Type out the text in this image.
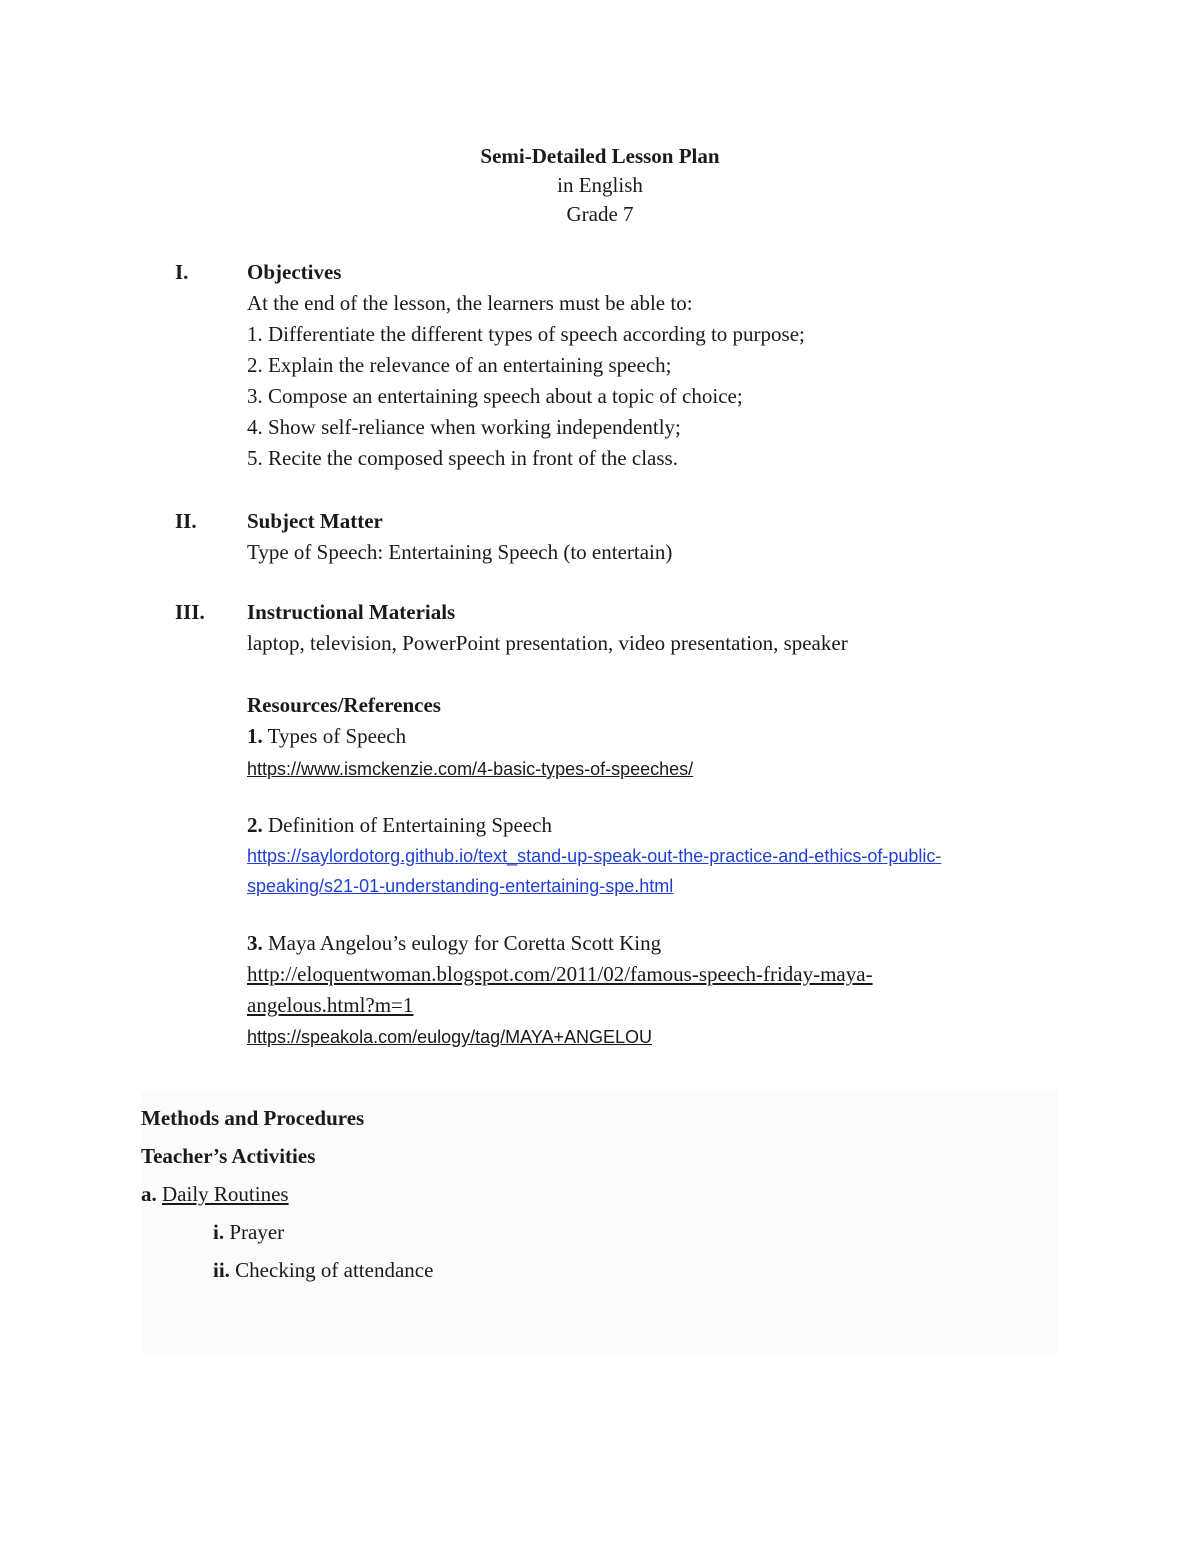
Semi-Detailed Lesson Plan
in English
Grade 7
I.	Objectives
At the end of the lesson, the learners must be able to:
1. Differentiate the different types of speech according to purpose;
2. Explain the relevance of an entertaining speech;
3. Compose an entertaining speech about a topic of choice;
4. Show self-reliance when working independently;
5. Recite the composed speech in front of the class.
II. Subject Matter
Type of Speech: Entertaining Speech (to entertain)
III. Instructional Materials
laptop, television, PowerPoint presentation, video presentation, speaker
Resources/References
1. Types of Speech
https://www.ismckenzie.com/4-basic-types-of-speeches/
2. Definition of Entertaining Speech
https://saylordotorg.github.io/text_stand-up-speak-out-the-practice-and-ethics-of-public-
speaking/s21-01-understanding-entertaining-spe.html
3. Maya Angelou’s eulogy for Coretta Scott King
http://eloquentwoman.blogspot.com/2011/02/famous-speech-friday-maya-
angelous.html?m=1
https://speakola.com/eulogy/tag/MAYA+ANGELOU
Methods and Procedures
Teacher’s Activities
a. Daily Routines
i. Prayer
ii. Checking of attendance
